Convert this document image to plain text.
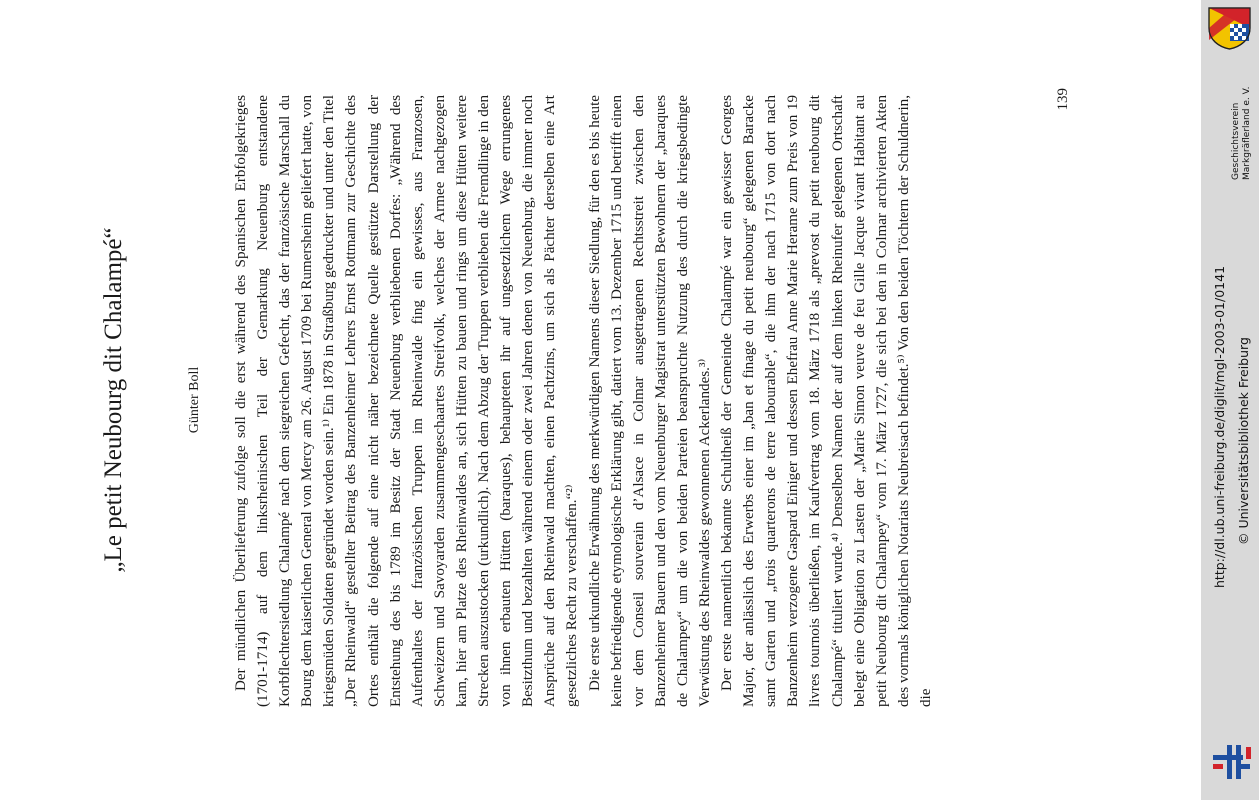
„Le petit Neubourg dit Chalampé“	Günter Boll Der mündlichen Überlieferung zufolge soll die erst während des Spanischen Erbfolgekrieges (1701-1714) auf dem linksrheinischen Teil der Gemarkung Neuenburg entstandene Korbflechtersiedlung Chalampé nach dem siegreichen Gefecht, das der französische Marschall du Bourg dem kaiserlichen General von Mercy am 26. August 1709 bei Rumersheim geliefert hatte, von kriegsmüden Soldaten gegründet worden sein.¹⁾ Ein 1878 in Straßburg gedruckter und unter den Titel „Der Rheinwald“ gestellter Beitrag des Banzenheimer Lehrers Ernst Rottmann zur Geschichte des Ortes enthält die folgende auf eine nicht näher bezeichnete Quelle gestützte Darstellung der Entstehung des bis 1789 im Besitz der Stadt Neuenburg verbliebenen Dorfes: „Während des Aufenthaltes der französischen Truppen im Rheinwalde fing ein gewisses, aus Franzosen, Schweizern und Savoyarden zusammengeschaartes Streifvolk, welches der Armee nachgezogen kam, hier am Platze des Rheinwaldes an, sich Hütten zu bauen und rings um diese Hütten weitere Strecken auszustocken (urkundlich). Nach dem Abzug der Truppen verblieben die Fremdlinge in den von ihnen erbauten Hütten (baraques), behaupteten ihr auf ungesetzlichem Wege errungenes Besitzthum und bezahlten während einem oder zwei Jahren denen von Neuenburg, die immer noch Ansprüche auf den Rheinwald machten, einen Pachtzins, um sich als Pächter derselben eine Art gesetzliches Recht zu verschaffen.“²⁾ Die erste urkundliche Erwähnung des merkwürdigen Namens dieser Siedlung, für den es bis heute keine befriedigende etymologische Erklärung gibt, datiert vom 13. Dezember 1715 und betrifft einen vor dem Conseil souverain d’Alsace in Colmar ausgetragenen Rechtsstreit zwischen den Banzenheimer Bauern und den vom Neuenburger Magistrat unterstützten Bewohnern der „baraques de Chalampey“ um die von beiden Parteien beanspruchte Nutzung des durch die kriegsbedingte Verwüstung des Rheinwaldes gewonnenen Ackerlandes.³⁾ Der erste namentlich bekannte Schultheiß der Gemeinde Chalampé war ein gewisser Georges Major, der anlässlich des Erwerbs einer im „ban et finage du petit neubourg“ gelegenen Baracke samt Garten und „trois quarterons de terre labourable“, die ihm der nach 1715 von dort nach Banzenheim verzogene Gaspard Einiger und dessen Ehefrau Anne Marie Herame zum Preis von 19 livres tournois überließen, im Kaufvertrag vom 18. März 1718 als „prevost du petit neubourg dit Chalampé“ tituliert wurde.⁴⁾ Denselben Namen der auf dem linken Rheinufer gelegenen Ortschaft belegt eine Obligation zu Lasten der „Marie Simon veuve de feu Gille Jacque vivant Habitant au petit Neubourg dit Chalampey“ vom 17. März 1727, die sich bei den in Colmar archivierten Akten des vormals königlichen Notariats Neubreisach befindet.⁵⁾ Von den beiden Töchtern der Schuldnerin, die

139
Geschichtsverein Markgräflerland e. V.
http://dl.ub.uni-freiburg.de/diglit/mgl-2003-01/0141 © Universitätsbibliothek Freiburg
